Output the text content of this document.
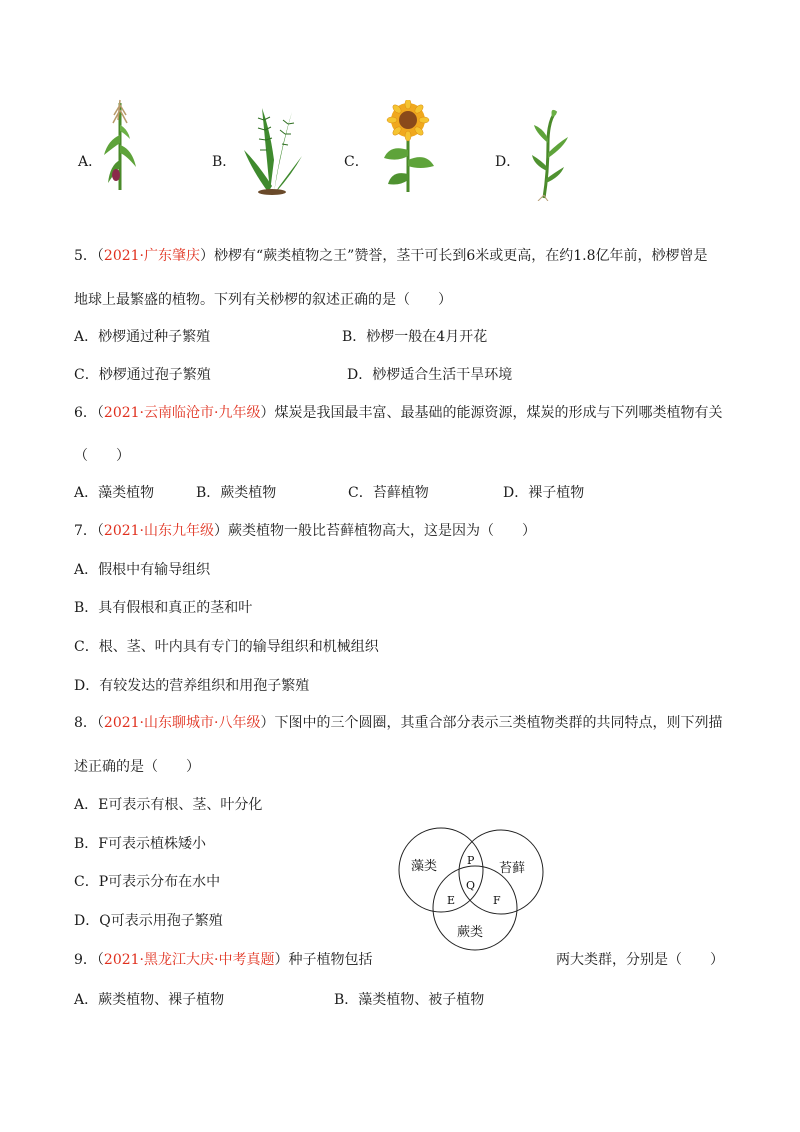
A．	B．	C．	D．
5．（2021·广东肇庆）桫椤有“蕨类植物之王”赞誉，茎干可长到6米或更高，在约1.8亿年前，桫椤曾是
地球上最繁盛的植物。下列有关桫椤的叙述正确的是（　　）
A．桫椤通过种子繁殖	B．桫椤一般在4月开花
C．桫椤通过孢子繁殖	D．桫椤适合生活干旱环境
6．（2021·云南临沧市·九年级）煤炭是我国最丰富、最基础的能源资源，煤炭的形成与下列哪类植物有关
（　　）
A．藻类植物	B．蕨类植物	C．苔藓植物	D．裸子植物
7．（2021·山东九年级）蕨类植物一般比苔藓植物高大，这是因为（　　）
A．假根中有输导组织
B．具有假根和真正的茎和叶
C．根、茎、叶内具有专门的输导组织和机械组织
D．有较发达的营养组织和用孢子繁殖
8．（2021·山东聊城市·八年级）下图中的三个圆圈，其重合部分表示三类植物类群的共同特点，则下列描
述正确的是（　　）
A．E可表示有根、茎、叶分化
B．F可表示植株矮小
C．P可表示分布在水中
D．Q可表示用孢子繁殖
藻类	苔藓
蕨类
P
Q
E	F
9．（2021·黑龙江大庆·中考真题）种子植物包括	两大类群，分别是（　　）
A．蕨类植物、裸子植物	B．藻类植物、被子植物
